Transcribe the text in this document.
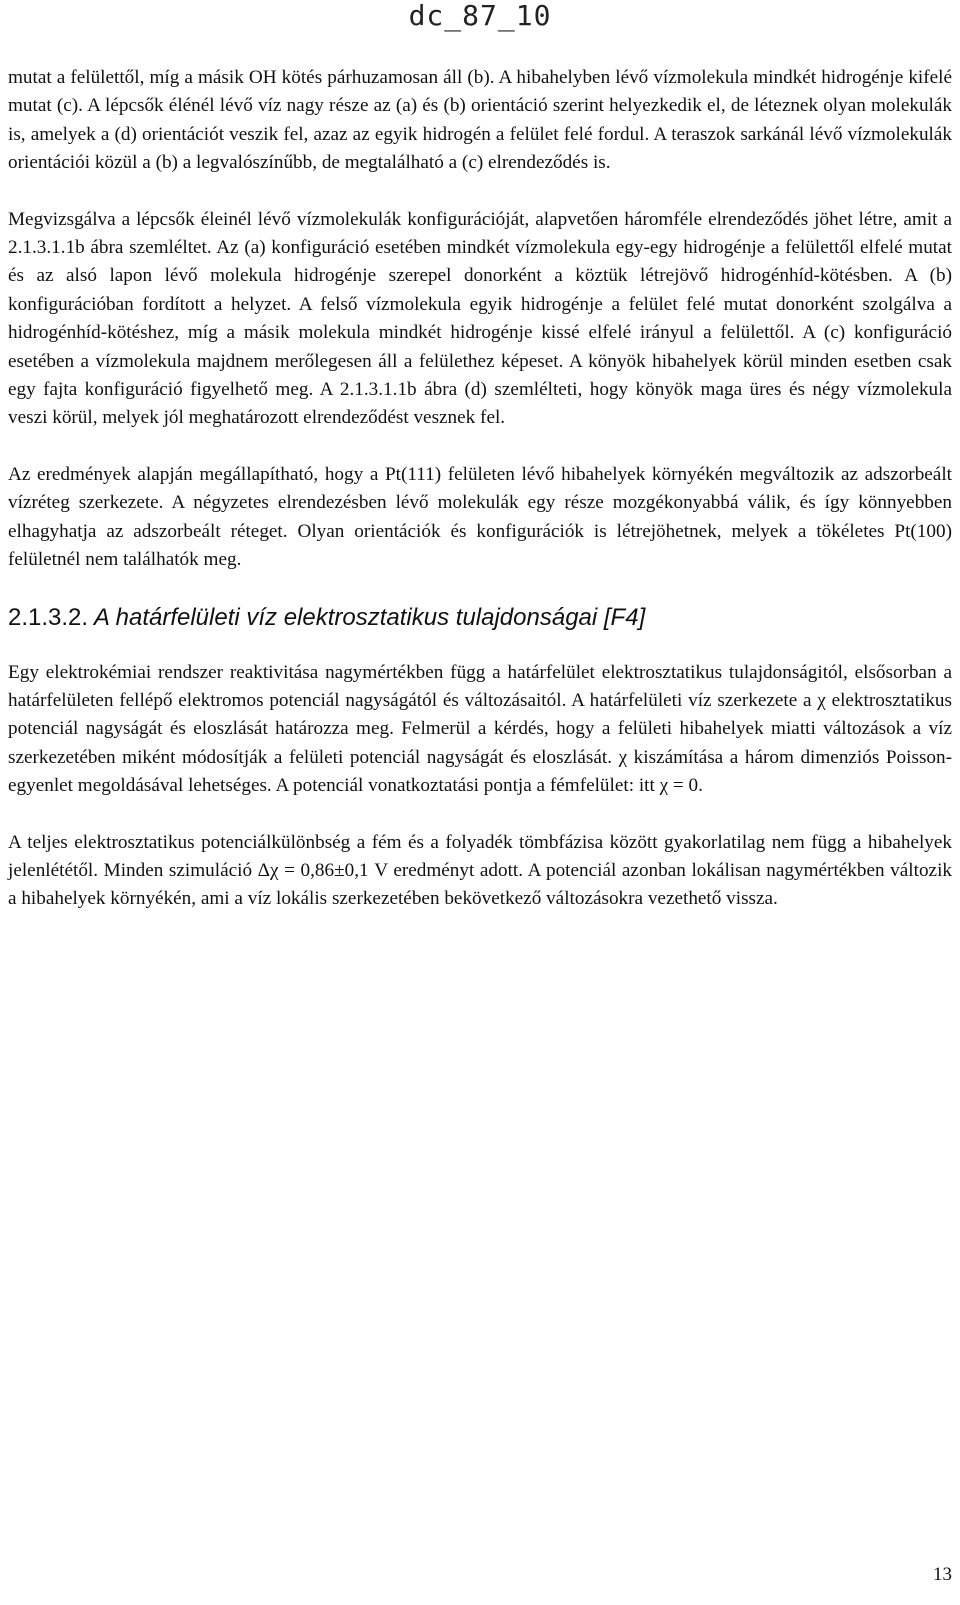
dc_87_10

mutat a felülettől, míg a másik OH kötés párhuzamosan áll (b). A hibahelyben lévő vízmolekula mindkét hidrogénje kifelé mutat (c). A lépcsők élénél lévő víz nagy része az (a) és (b) orientáció szerint helyezkedik el, de léteznek olyan molekulák is, amelyek a (d) orientációt veszik fel, azaz az egyik hidrogén a felület felé fordul. A teraszok sarkánál lévő vízmolekulák orientációi közül a (b) a legvalószínűbb, de megtalálható a (c) elrendeződés is.

Megvizsgálva a lépcsők éleinél lévő vízmolekulák konfigurációját, alapvetően háromféle elrendeződés jöhet létre, amit a 2.1.3.1.1b ábra szemléltet. Az (a) konfiguráció esetében mindkét vízmolekula egy-egy hidrogénje a felülettől elfelé mutat és az alsó lapon lévő molekula hidrogénje szerepel donorként a köztük létrejövő hidrogénhíd-kötésben. A (b) konfigurációban fordított a helyzet. A felső vízmolekula egyik hidrogénje a felület felé mutat donorként szolgálva a hidrogénhíd-kötéshez, míg a másik molekula mindkét hidrogénje kissé elfelé irányul a felülettől. A (c) konfiguráció esetében a vízmolekula majdnem merőlegesen áll a felülethez képeset. A könyök hibahelyek körül minden esetben csak egy fajta konfiguráció figyelhető meg. A 2.1.3.1.1b ábra (d) szemlélteti, hogy könyök maga üres és négy vízmolekula veszi körül, melyek jól meghatározott elrendeződést vesznek fel.

Az eredmények alapján megállapítható, hogy a Pt(111) felületen lévő hibahelyek környékén megváltozik az adszorbeált vízréteg szerkezete. A négyzetes elrendezésben lévő molekulák egy része mozgékonyabbá válik, és így könnyebben elhagyhatja az adszorbeált réteget. Olyan orientációk és konfigurációk is létrejöhetnek, melyek a tökéletes Pt(100) felületnél nem találhatók meg.

2.1.3.2. A határfelületi víz elektrosztatikus tulajdonságai [F4]

Egy elektrokémiai rendszer reaktivitása nagymértékben függ a határfelület elektrosztatikus tulajdonságitól, elsősorban a határfelületen fellépő elektromos potenciál nagyságától és változásaitól. A határfelületi víz szerkezete a χ elektrosztatikus potenciál nagyságát és eloszlását határozza meg. Felmerül a kérdés, hogy a felületi hibahelyek miatti változások a víz szerkezetében miként módosítják a felületi potenciál nagyságát és eloszlását. χ kiszámítása a három dimenziós Poisson-egyenlet megoldásával lehetséges. A potenciál vonatkoztatási pontja a fémfelület: itt χ = 0.

A teljes elektrosztatikus potenciálkülönbség a fém és a folyadék tömbfázisa között gyakorlatilag nem függ a hibahelyek jelenlététől. Minden szimuláció Δχ = 0,86±0,1 V eredményt adott. A potenciál azonban lokálisan nagymértékben változik a hibahelyek környékén, ami a víz lokális szerkezetében bekövetkező változásokra vezethető vissza.

13
